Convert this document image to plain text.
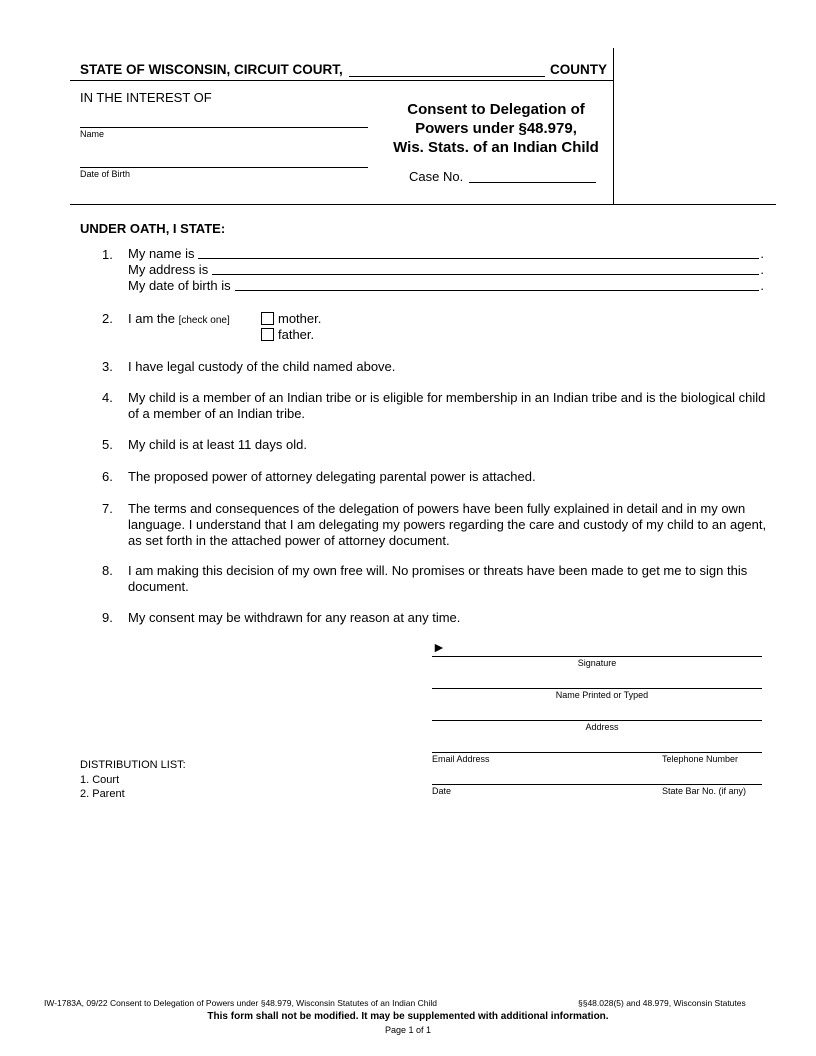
STATE OF WISCONSIN, CIRCUIT COURT,	COUNTY
IN THE INTEREST OF
Name
Date of Birth
Consent to Delegation of
Powers under §48.979,
Wis. Stats. of an Indian Child
Case No.
UNDER OATH, I STATE:
1. My name is	.
My address is	.
My date of birth is	.
2. I am the [check one]	mother.
father.
3. I have legal custody of the child named above.
4. My child is a member of an Indian tribe or is eligible for membership in an Indian tribe and is the biological child of a member of an Indian tribe.
5. My child is at least 11 days old.
6. The proposed power of attorney delegating parental power is attached.
7. The terms and consequences of the delegation of powers have been fully explained in detail and in my own language. I understand that I am delegating my powers regarding the care and custody of my child to an agent, as set forth in the attached power of attorney document.
8. I am making this decision of my own free will. No promises or threats have been made to get me to sign this document.
9. My consent may be withdrawn for any reason at any time.
►
Signature
Name Printed or Typed
Address
Email Address	Telephone Number
Date	State Bar No. (if any)
DISTRIBUTION LIST:
1. Court
2. Parent
IW-1783A, 09/22 Consent to Delegation of Powers under §48.979, Wisconsin Statutes of an Indian Child	§§48.028(5) and 48.979, Wisconsin Statutes
This form shall not be modified. It may be supplemented with additional information.
Page 1 of 1
